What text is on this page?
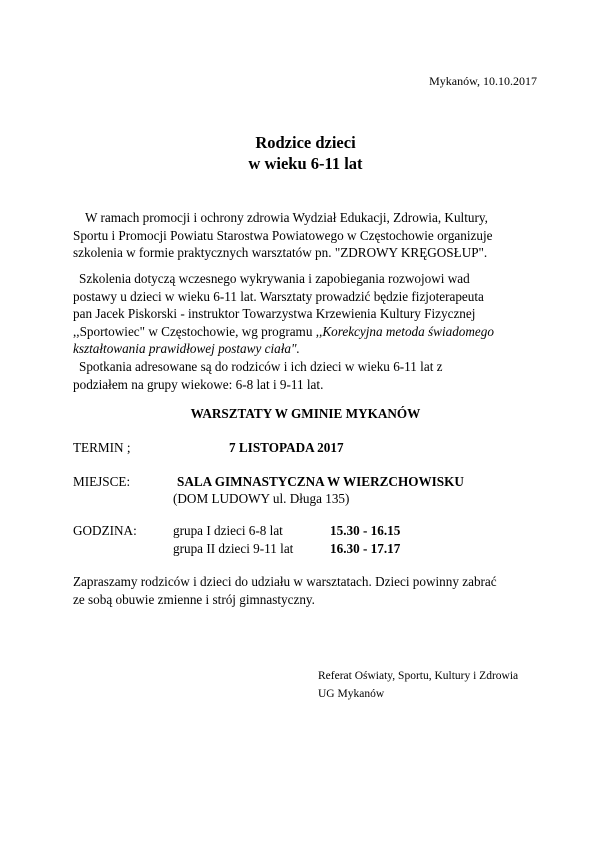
Mykanów, 10.10.2017
Rodzice dzieci
w wieku 6-11 lat

W ramach promocji i ochrony zdrowia Wydział Edukacji, Zdrowia, Kultury,

Sportu i Promocji Powiatu Starostwa Powiatowego w Częstochowie organizuje

szkolenia w formie praktycznych warsztatów pn. "ZDROWY KRĘGOSŁUP".

Szkolenia dotyczą wczesnego wykrywania i zapobiegania rozwojowi wad

postawy u dzieci w wieku 6-11 lat. Warsztaty prowadzić będzie fizjoterapeuta

pan Jacek Piskorski - instruktor Towarzystwa Krzewienia Kultury Fizycznej

,,Sportowiec" w Częstochowie, wg programu ,,Korekcyjna metoda świadomego

kształtowania prawidłowej postawy ciała".

Spotkania adresowane są do rodziców i ich dzieci w wieku 6-11 lat z

podziałem na grupy wiekowe: 6-8 lat i 9-11 lat.

WARSZTATY W GMINIE MYKANÓW
TERMIN ;	7 LISTOPADA 2017
MIEJSCE:	SALA GIMNASTYCZNA W WIERZCHOWISKU
(DOM LUDOWY ul. Długa 135)
GODZINA:	grupa I dzieci 6-8 lat	15.30 - 16.15
grupa II dzieci 9-11 lat	16.30 - 17.17

Zapraszamy rodziców i dzieci do udziału w warsztatach. Dzieci powinny zabrać

ze sobą obuwie zmienne i strój gimnastyczny.

Referat Oświaty, Sportu, Kultury i Zdrowia
UG Mykanów
